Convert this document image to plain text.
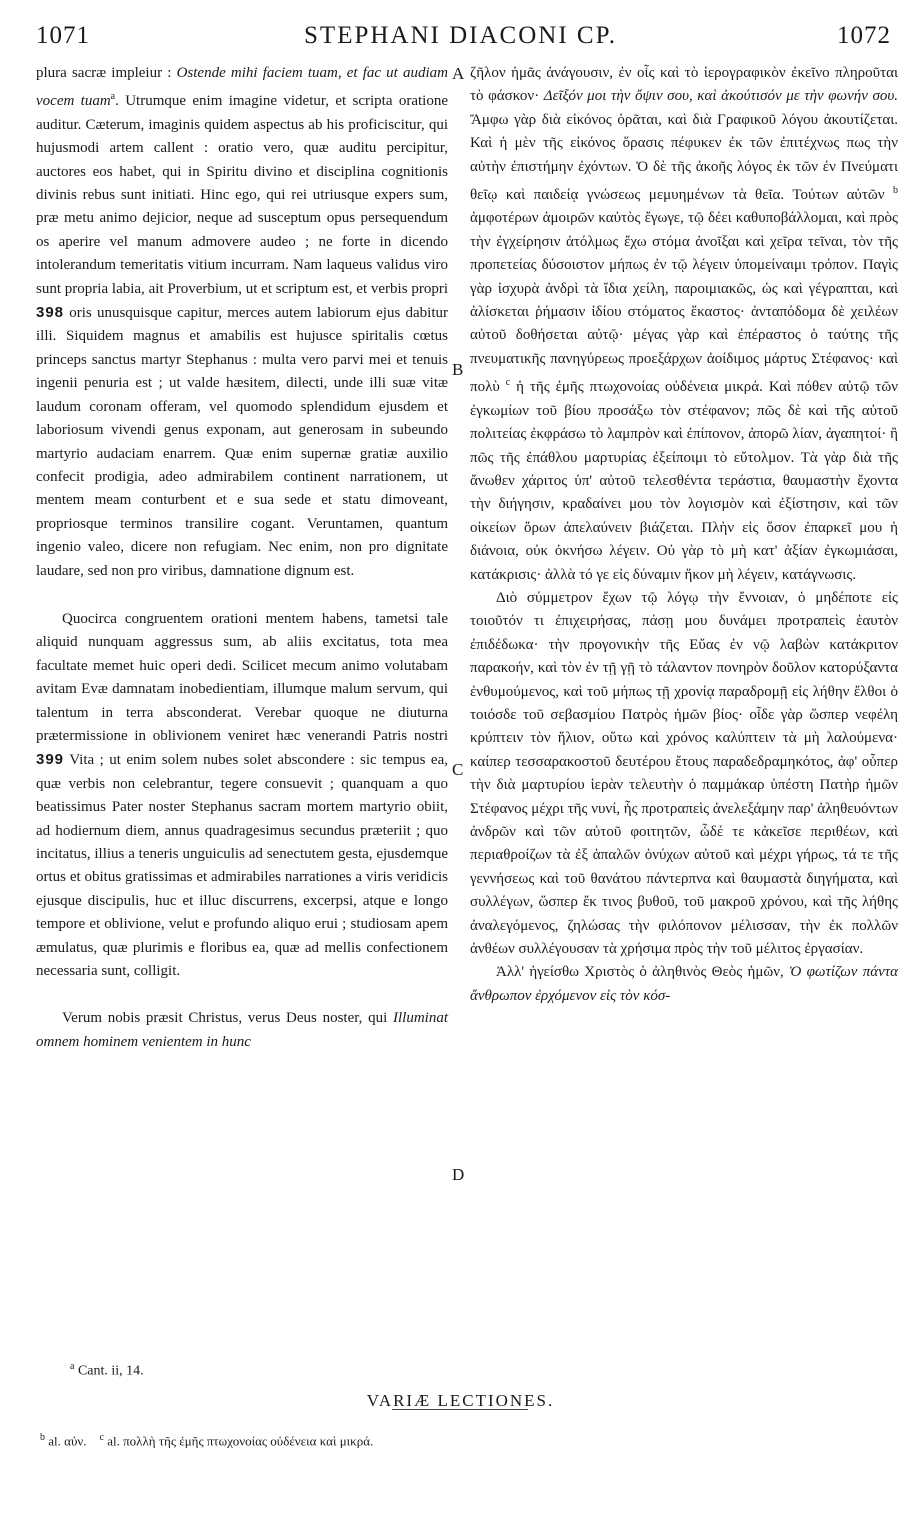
1071	STEPHANI DIACONI CP.	1072
A
B
C
D

plura sacræ impleiur : Ostende mihi faciem tuam, et fac ut audiam vocem tuam$^a$. Utrumque enim imagine videtur, et scripta oratione auditur. Cæterum, imaginis quidem aspectus ab his proficiscitur, qui hujusmodi artem callent : oratio vero, quæ auditu percipitur, auctores eos habet, qui in Spiritu divino et disciplina cognitionis divinis rebus sunt initiati. Hinc ego, qui rei utriusque expers sum, præ metu animo dejicior, neque ad susceptum opus persequendum os aperire vel manum admovere audeo ; ne forte in dicendo intolerandum temeritatis vitium incurram. Nam laqueus validus viro sunt propria labia, ait Proverbium, ut et scriptum est, et verbis propri 398 oris unusquisque capitur, merces autem labiorum ejus dabitur illi. Siquidem magnus et amabilis est hujusce spiritalis cœtus princeps sanctus martyr Stephanus : multa vero parvi mei et tenuis ingenii penuria est ; ut valde hæsitem, dilecti, unde illi suæ vitæ laudum coronam offeram, vel quomodo splendidum ejusdem et laboriosum vivendi genus exponam, aut generosam in subeundo martyrio audaciam enarrem. Quæ enim supernæ gratiæ auxilio confecit prodigia, adeo admirabilem continent narrationem, ut mentem meam conturbent et e sua sede et statu dimoveant, propriosque terminos transilire cogant. Veruntamen, quantum ingenio valeo, dicere non refugiam. Nec enim, non pro dignitate laudare, sed non pro viribus, damnatione dignum est.

Quocirca congruentem orationi mentem habens, tametsi tale aliquid nunquam aggressus sum, ab aliis excitatus, tota mea facultate memet huic operi dedi. Scilicet mecum animo volutabam avitam Evæ damnatam inobedientiam, illumque malum servum, qui talentum in terra absconderat. Verebar quoque ne diuturna prætermissione in oblivionem veniret hæc venerandi Patris nostri 399 Vita ; ut enim solem nubes solet abscondere : sic tempus ea, quæ verbis non celebrantur, tegere consuevit ; quanquam a quo beatissimus Pater noster Stephanus sacram mortem martyrio obiit, ad hodiernum diem, annus quadragesimus secundus præteriit ; quo incitatus, illius a teneris unguiculis ad senectutem gesta, ejusdemque ortus et obitus gratissimas et admirabiles narrationes a viris veridicis ejusque discipulis, huc et illuc discurrens, excerpsi, atque e longo tempore et oblivione, velut e profundo aliquo erui ; studiosam apem æmulatus, quæ plurimis e floribus ea, quæ ad mellis confectionem necessaria sunt, colligit.

Verum nobis præsit Christus, verus Deus noster, qui Illuminat omnem hominem venientem in hunc

ζῆλον ἡμᾶς ἀνάγουσιν, ἐν οἷς καὶ τὸ ἱερογραφικὸν ἐκεῖνο πληροῦται τὸ φάσκον· Δεῖξόν μοι τὴν ὄψιν σου, καὶ ἀκούτισόν με τὴν φωνήν σου. Ἄμφω γὰρ διὰ εἰκόνος ὁρᾶται, καὶ διὰ Γραφικοῦ λόγου ἀκουτίζεται. Καὶ ἡ μὲν τῆς εἰκόνος ὅρασις πέφυκεν ἐκ τῶν ἐπιτέχνως πως τὴν αὐτὴν ἐπιστήμην ἐχόντων. Ὁ δὲ τῆς ἀκοῆς λόγος ἐκ τῶν ἐν Πνεύματι θεῖῳ καὶ παιδείᾳ γνώσεως μεμυημένων τὰ θεῖα. Τούτων αὐτῶν $^b$ ἀμφοτέρων ἀμοιρῶν καὐτὸς ἔγωγε, τῷ δέει καθυποβάλλομαι, καὶ πρὸς τὴν ἐγχείρησιν ἀτόλμως ἔχω στόμα ἀνοῖξαι καὶ χεῖρα τεῖναι, τὸν τῆς προπετείας δύσοιστον μήπως ἐν τῷ λέγειν ὑπομείναιμι τρόπον. Παγὶς γὰρ ἰσχυρὰ ἀνδρὶ τὰ ἴδια χείλη, παροιμιακῶς, ὡς καὶ γέγραπται, καὶ ἁλίσκεται ῥήμασιν ἰδίου στόματος ἕκαστος· ἀνταπόδομα δὲ χειλέων αὐτοῦ δοθήσεται αὐτῷ· μέγας γὰρ καὶ ἐπέραστος ὁ ταύτης τῆς πνευματικῆς πανηγύρεως προεξάρχων ἀοίδιμος μάρτυς Στέφανος· καὶ πολὺ $^c$ ἡ τῆς ἐμῆς πτωχονοίας οὐδένεια μικρά. Καὶ πόθεν αὐτῷ τῶν ἐγκωμίων τοῦ βίου προσάξω τὸν στέφανον; πῶς δὲ καὶ τῆς αὐτοῦ πολιτείας ἐκφράσω τὸ λαμπρὸν καὶ ἐπίπονον, ἀπορῶ λίαν, ἀγαπητοί· ἢ πῶς τῆς ἐπάθλου μαρτυρίας ἐξείποιμι τὸ εὔτολμον. Τὰ γὰρ διὰ τῆς ἄνωθεν χάριτος ὑπ' αὐτοῦ τελεσθέντα τεράστια, θαυμαστὴν ἔχοντα τὴν διήγησιν, κραδαίνει μου τὸν λογισμὸν καὶ ἐξίστησιν, καὶ τῶν οἰκείων ὅρων ἀπελαύνειν βιάζεται. Πλὴν εἰς ὅσον ἐπαρκεῖ μου ἡ διάνοια, οὐκ ὀκνήσω λέγειν. Οὐ γὰρ τὸ μὴ κατ' ἀξίαν ἐγκωμιάσαι, κατάκρισις· ἀλλὰ τό γε εἰς δύναμιν ἥκον μὴ λέγειν, κατάγνωσις.

Διὸ σύμμετρον ἔχων τῷ λόγῳ τὴν ἔννοιαν, ὁ μηδέποτε εἰς τοιοῦτόν τι ἐπιχειρήσας, πάσῃ μου δυνάμει προτραπεὶς ἑαυτὸν ἐπιδέδωκα· τὴν προγονικὴν τῆς Εὔας ἐν νῷ λαβὼν κατάκριτον παρακοήν, καὶ τὸν ἐν τῇ γῇ τὸ τάλαντον πονηρὸν δοῦλον κατορύξαντα ἐνθυμούμενος, καὶ τοῦ μήπως τῇ χρονίᾳ παραδρομῇ εἰς λήθην ἔλθοι ὁ τοιόσδε τοῦ σεβασμίου Πατρὸς ἡμῶν βίος· οἶδε γὰρ ὥσπερ νεφέλη κρύπτειν τὸν ἥλιον, οὕτω καὶ χρόνος καλύπτειν τὰ μὴ λαλούμενα· καίπερ τεσσαρακοστοῦ δευτέρου ἔτους παραδεδραμηκότος, ἀφ' οὗπερ τὴν διὰ μαρτυρίου ἱερὰν τελευτὴν ὁ παμμάκαρ ὑπέστη Πατὴρ ἡμῶν Στέφανος μέχρι τῆς νυνί, ἧς προτραπεὶς ἀνελεξάμην παρ' ἀληθευόντων ἀνδρῶν καὶ τῶν αὐτοῦ φοιτητῶν, ὧδέ τε κἀκεῖσε περιθέων, καὶ περιαθροίζων τὰ ἐξ ἁπαλῶν ὀνύχων αὐτοῦ καὶ μέχρι γήρως, τά τε τῆς γεννήσεως καὶ τοῦ θανάτου πάντερπνα καὶ θαυμαστὰ διηγήματα, καὶ συλλέγων, ὥσπερ ἔκ τινος βυθοῦ, τοῦ μακροῦ χρόνου, καὶ τῆς λήθης ἀναλεγόμενος, ζηλώσας τὴν φιλόπονον μέλισσαν, τὴν ἐκ πολλῶν ἀνθέων συλλέγουσαν τὰ χρήσιμα πρὸς τὴν τοῦ μέλιτος ἐργασίαν.

Ἀλλ' ἡγείσθω Χριστὸς ὁ ἀληθινὸς Θεὸς ἡμῶν, Ὁ φωτίζων πάντα ἄνθρωπον ἐρχόμενον εἰς τὸν κόσ-

$^a$ Cant. ii, 14.
VARIÆ LECTIONES.
$^b$ al. αὐν. $^c$ al. πολλὴ τῆς ἐμῆς πτωχονοίας οὐδένεια καὶ μικρά.
